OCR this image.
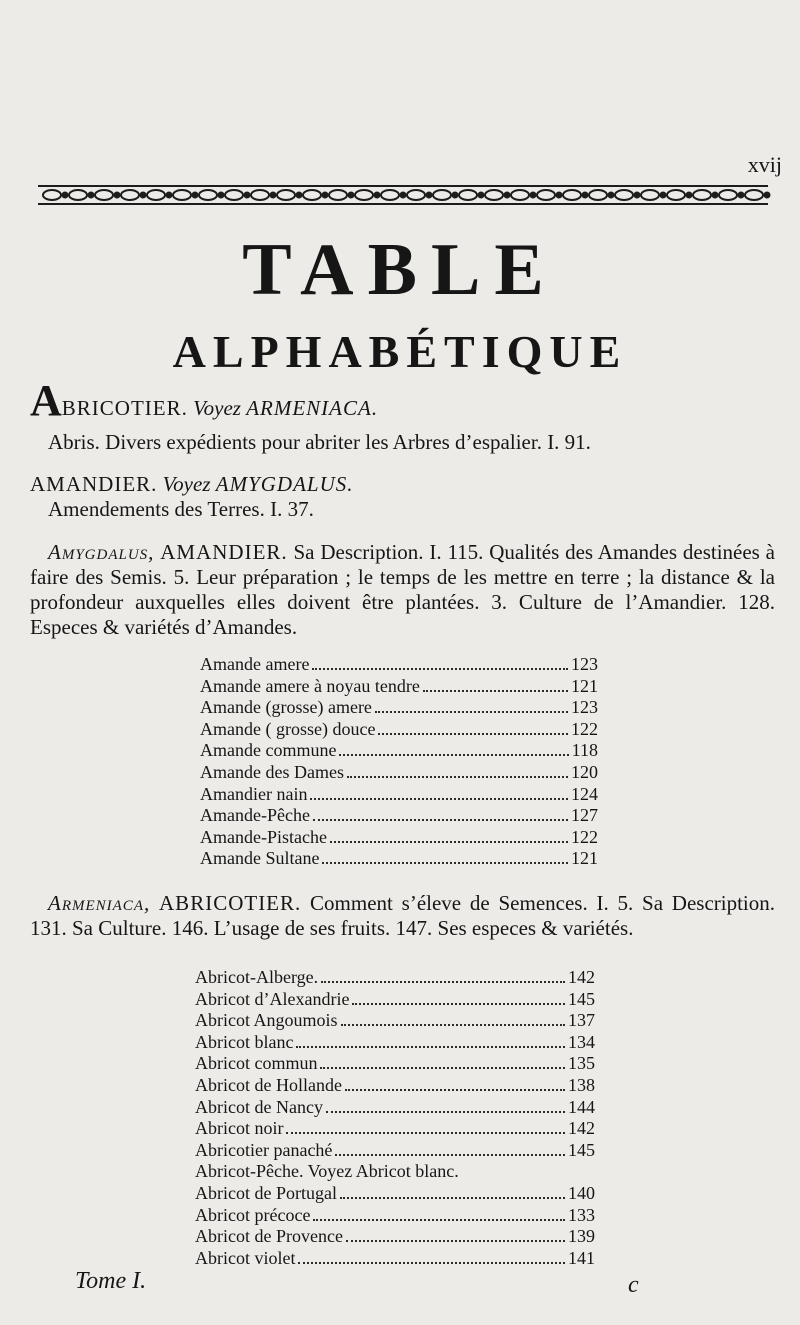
xvij
TABLE
ALPHABÉTIQUE
ABRICOTIER. Voyez ARMENIACA.
Abris. Divers expédients pour abriter les Arbres d’espalier. I. 91.
AMANDIER. Voyez AMYGDALUS.
Amendements des Terres. I. 37.
Amygdalus, AMANDIER. Sa Description. I. 115. Qualités des Amandes destinées à faire des Semis. 5. Leur préparation ; le temps de les mettre en terre ; la distance & la profondeur auxquelles elles doivent être plantées. 3. Culture de l’Amandier. 128. Especes & variétés d’Amandes.
Amande amere	123
Amande amere à noyau tendre	121
Amande (grosse) amere	123
Amande ( grosse) douce	122
Amande commune	118
Amande des Dames	120
Amandier nain	124
Amande-Pêche	127
Amande-Pistache	122
Amande Sultane	121
Armeniaca, ABRICOTIER. Comment s’éleve de Semences. I. 5. Sa Description. 131. Sa Culture. 146. L’usage de ses fruits. 147. Ses especes & variétés.
Abricot-Alberge.	142
Abricot d’Alexandrie	145
Abricot Angoumois	137
Abricot blanc	134
Abricot commun	135
Abricot de Hollande	138
Abricot de Nancy	144
Abricot noir	142
Abricotier panaché	145
Abricot-Pêche. Voyez Abricot blanc.
Abricot de Portugal	140
Abricot précoce	133
Abricot de Provence	139
Abricot violet	141
Tome I.	c
